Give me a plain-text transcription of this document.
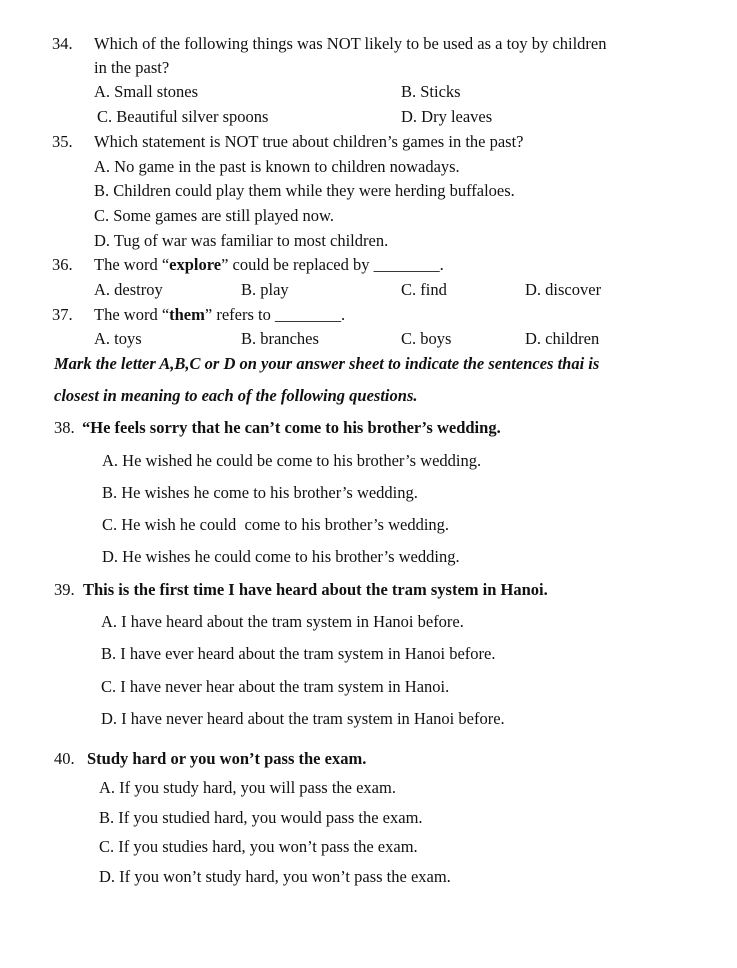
34. Which of the following things was NOT likely to be used as a toy by children
in the past?
A. Small stones	B. Sticks
C. Beautiful silver spoons	D. Dry leaves
35. Which statement is NOT true about children’s games in the past?
A. No game in the past is known to children nowadays.
B. Children could play them while they were herding buffaloes.
C. Some games are still played now.
D. Tug of war was familiar to most children.
36. The word “explore” could be replaced by ________.
A. destroy	B. play	C. find	D. discover
37. The word “them” refers to ________.
A. toys	B. branches	C. boys	D. children
Mark the letter A,B,C or D on your answer sheet to indicate the sentences thai is
closest in meaning to each of the following questions.
38. “He feels sorry that he can’t come to his brother’s wedding.
A. He wished he could be come to his brother’s wedding.
B. He wishes he come to his brother’s wedding.
C. He wish he could  come to his brother’s wedding.
D. He wishes he could come to his brother’s wedding.
39. This is the first time I have heard about the tram system in Hanoi.
A. I have heard about the tram system in Hanoi before.
B. I have ever heard about the tram system in Hanoi before.
C. I have never hear about the tram system in Hanoi.
D. I have never heard about the tram system in Hanoi before.
40. Study hard or you won’t pass the exam.
A. If you study hard, you will pass the exam.
B. If you studied hard, you would pass the exam.
C. If you studies hard, you won’t pass the exam.
D. If you won’t study hard, you won’t pass the exam.
